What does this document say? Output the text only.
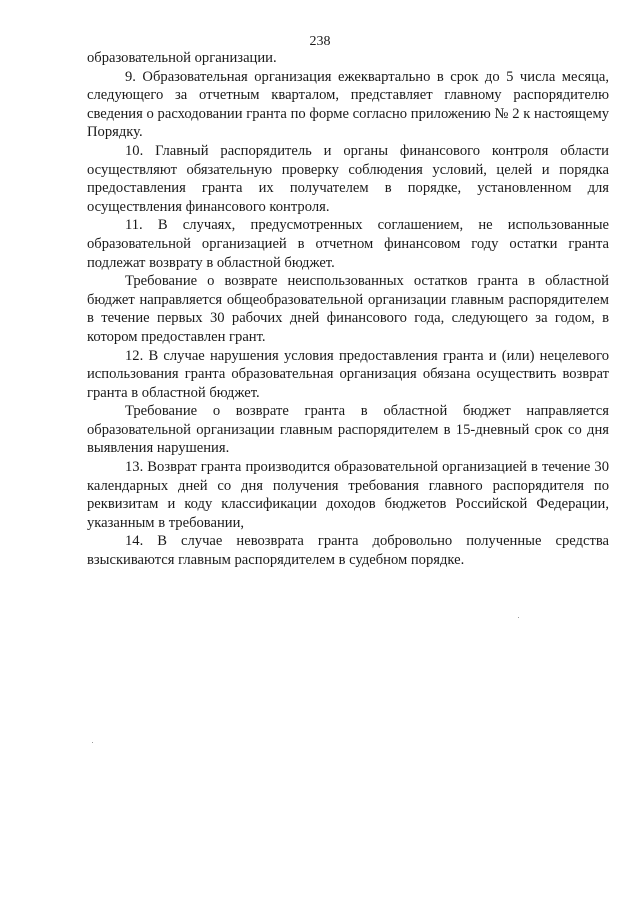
238

образовательной организации.

9. Образовательная организация ежеквартально в срок до 5 числа месяца, следующего за отчетным кварталом, представляет главному распорядителю сведения о расходовании гранта по форме согласно приложению № 2 к настоящему Порядку.

10. Главный распорядитель и органы финансового контроля области осуществляют обязательную проверку соблюдения условий, целей и порядка предоставления гранта их получателем в порядке, установленном для осуществления финансового контроля.

11. В случаях, предусмотренных соглашением, не использованные образовательной организацией в отчетном финансовом году остатки гранта подлежат возврату в областной бюджет.

Требование о возврате неиспользованных остатков гранта в областной бюджет направляется общеобразовательной организации главным распорядителем в течение первых 30 рабочих дней финансового года, следующего за годом, в котором предоставлен грант.

12. В случае нарушения условия предоставления гранта и (или) нецелевого использования гранта образовательная организация обязана осуществить возврат гранта в областной бюджет.

Требование о возврате гранта в областной бюджет направляется образовательной организации главным распорядителем в 15-дневный срок со дня выявления нарушения.

13. Возврат гранта производится образовательной организацией в течение 30 календарных дней со дня получения требования главного распорядителя по реквизитам и коду классификации доходов бюджетов Российской Федерации, указанным в требовании,

14. В случае невозврата гранта добровольно полученные средства взыскиваются главным распорядителем в судебном порядке.
